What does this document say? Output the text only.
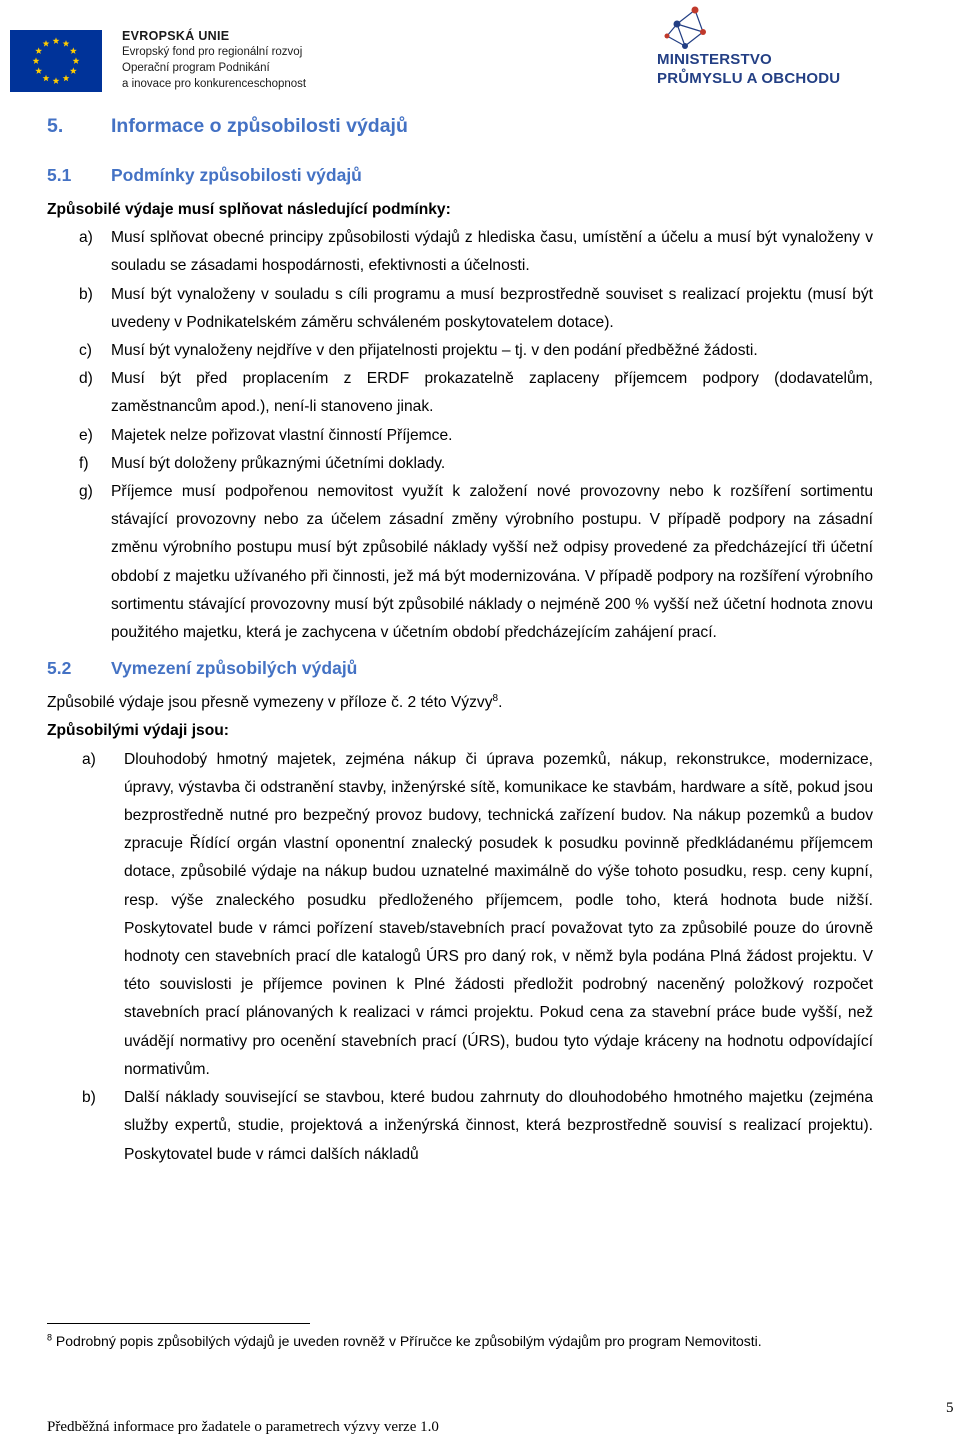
EVROPSKÁ UNIE
Evropský fond pro regionální rozvoj
Operační program Podnikání
a inovace pro konkurenceschopnost
MINISTERSTVO
PRŮMYSLU A OBCHODU
5.	Informace o způsobilosti výdajů
5.1	Podmínky způsobilosti výdajů

Způsobilé výdaje musí splňovat následující podmínky:

a)	Musí splňovat obecné principy způsobilosti výdajů z hlediska času, umístění a účelu a musí být vynaloženy v souladu se zásadami hospodárnosti, efektivnosti a účelnosti.
b)	Musí být vynaloženy v souladu s cíli programu a musí bezprostředně souviset s realizací projektu (musí být uvedeny v Podnikatelském záměru schváleném poskytovatelem dotace).
c)	Musí být vynaloženy nejdříve v den přijatelnosti projektu – tj. v den podání předběžné žádosti.
d)	Musí být před proplacením z ERDF prokazatelně zaplaceny příjemcem podpory (dodavatelům, zaměstnancům apod.), není-li stanoveno jinak.
e)	Majetek nelze pořizovat vlastní činností Příjemce.
f)	Musí být doloženy průkaznými účetními doklady.
g)	Příjemce musí podpořenou nemovitost využít k založení nové provozovny nebo k rozšíření sortimentu stávající provozovny nebo za účelem zásadní změny výrobního postupu. V případě podpory na zásadní změnu výrobního postupu musí být způsobilé náklady vyšší než odpisy provedené za předcházející tři účetní období z majetku užívaného při činnosti, jež má být modernizována. V případě podpory na rozšíření výrobního sortimentu stávající provozovny musí být způsobilé náklady o nejméně 200 % vyšší než účetní hodnota znovu použitého majetku, která je zachycena v účetním období předcházejícím zahájení prací.
5.2	Vymezení způsobilých výdajů

Způsobilé výdaje jsou přesně vymezeny v příloze č. 2 této Výzvy$^8$.

Způsobilými výdaji jsou:

a)	Dlouhodobý hmotný majetek, zejména nákup či úprava pozemků, nákup, rekonstrukce, modernizace, úpravy, výstavba či odstranění stavby, inženýrské sítě, komunikace ke stavbám, hardware a sítě, pokud jsou bezprostředně nutné pro bezpečný provoz budovy, technická zařízení budov. Na nákup pozemků a budov zpracuje Řídící orgán vlastní oponentní znalecký posudek k posudku povinně předkládanému příjemcem dotace, způsobilé výdaje na nákup budou uznatelné maximálně do výše tohoto posudku, resp. ceny kupní, resp. výše znaleckého posudku předloženého příjemcem, podle toho, která hodnota bude nižší. Poskytovatel bude v rámci pořízení staveb/stavebních prací považovat tyto za způsobilé pouze do úrovně hodnoty cen stavebních prací dle katalogů ÚRS pro daný rok, v němž byla podána Plná žádost projektu. V této souvislosti je příjemce povinen k Plné žádosti předložit podrobný naceněný položkový rozpočet stavebních prací plánovaných k realizaci v rámci projektu. Pokud cena za stavební práce bude vyšší, než uvádějí normativy pro ocenění stavebních prací (ÚRS), budou tyto výdaje kráceny na hodnotu odpovídající normativům.
b)	Další náklady související se stavbou, které budou zahrnuty do dlouhodobého hmotného majetku (zejména služby expertů, studie, projektová a inženýrská činnost, která bezprostředně souvisí s realizací projektu). Poskytovatel bude v rámci dalších nákladů
$^8$ Podrobný popis způsobilých výdajů je uveden rovněž v Příručce ke způsobilým výdajům pro program Nemovitosti.
5
Předběžná informace pro žadatele o parametrech výzvy verze 1.0
